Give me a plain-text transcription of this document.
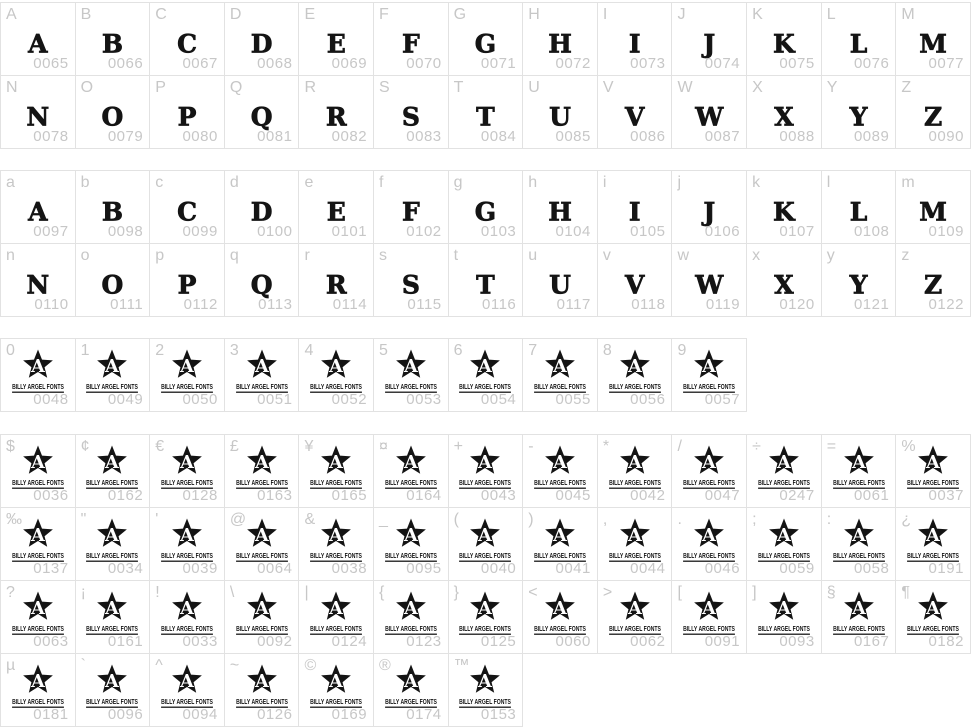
A
A
0065
B
B
0066
C
C
0067
D
D
0068
E
E
0069
F
F
0070
G
G
0071
H
H
0072
I
I
0073
J
J
0074
K
K
0075
L
L
0076
M
M
0077
N
N
0078
O
O
0079
P
P
0080
Q
Q
0081
R
R
0082
S
S
0083
T
T
0084
U
U
0085
V
V
0086
W
W
0087
X
X
0088
Y
Y
0089
Z
Z
0090
a
A
0097
b
B
0098
c
C
0099
d
D
0100
e
E
0101
f
F
0102
g
G
0103
h
H
0104
i
I
0105
j
J
0106
k
K
0107
l
L
0108
m
M
0109
n
N
0110
o
O
0111
p
P
0112
q
Q
0113
r
R
0114
s
S
0115
t
T
0116
u
U
0117
v
V
0118
w
W
0119
x
X
0120
y
Y
0121
z
Z
0122
0
A
BILLY ARGEL FONTS
0048
1
A
BILLY ARGEL FONTS
0049
2
A
BILLY ARGEL FONTS
0050
3
A
BILLY ARGEL FONTS
0051
4
A
BILLY ARGEL FONTS
0052
5
A
BILLY ARGEL FONTS
0053
6
A
BILLY ARGEL FONTS
0054
7
A
BILLY ARGEL FONTS
0055
8
A
BILLY ARGEL FONTS
0056
9
A
BILLY ARGEL FONTS
0057
$
A
BILLY ARGEL FONTS
0036
¢
A
BILLY ARGEL FONTS
0162
€
A
BILLY ARGEL FONTS
0128
£
A
BILLY ARGEL FONTS
0163
¥
A
BILLY ARGEL FONTS
0165
¤
A
BILLY ARGEL FONTS
0164
+
A
BILLY ARGEL FONTS
0043
-
A
BILLY ARGEL FONTS
0045
*
A
BILLY ARGEL FONTS
0042
/
A
BILLY ARGEL FONTS
0047
÷
A
BILLY ARGEL FONTS
0247
=
A
BILLY ARGEL FONTS
0061
%
A
BILLY ARGEL FONTS
0037
‰
A
BILLY ARGEL FONTS
0137
"
A
BILLY ARGEL FONTS
0034
'
A
BILLY ARGEL FONTS
0039
@
A
BILLY ARGEL FONTS
0064
&
A
BILLY ARGEL FONTS
0038
_
A
BILLY ARGEL FONTS
0095
(
A
BILLY ARGEL FONTS
0040
)
A
BILLY ARGEL FONTS
0041
,
A
BILLY ARGEL FONTS
0044
.
A
BILLY ARGEL FONTS
0046
;
A
BILLY ARGEL FONTS
0059
:
A
BILLY ARGEL FONTS
0058
¿
A
BILLY ARGEL FONTS
0191
?
A
BILLY ARGEL FONTS
0063
¡
A
BILLY ARGEL FONTS
0161
!
A
BILLY ARGEL FONTS
0033
\
A
BILLY ARGEL FONTS
0092
|
A
BILLY ARGEL FONTS
0124
{
A
BILLY ARGEL FONTS
0123
}
A
BILLY ARGEL FONTS
0125
<
A
BILLY ARGEL FONTS
0060
>
A
BILLY ARGEL FONTS
0062
[
A
BILLY ARGEL FONTS
0091
]
A
BILLY ARGEL FONTS
0093
§
A
BILLY ARGEL FONTS
0167
¶
A
BILLY ARGEL FONTS
0182
µ
A
BILLY ARGEL FONTS
0181
`
A
BILLY ARGEL FONTS
0096
^
A
BILLY ARGEL FONTS
0094
~
A
BILLY ARGEL FONTS
0126
©
A
BILLY ARGEL FONTS
0169
®
A
BILLY ARGEL FONTS
0174
™
A
BILLY ARGEL FONTS
0153
